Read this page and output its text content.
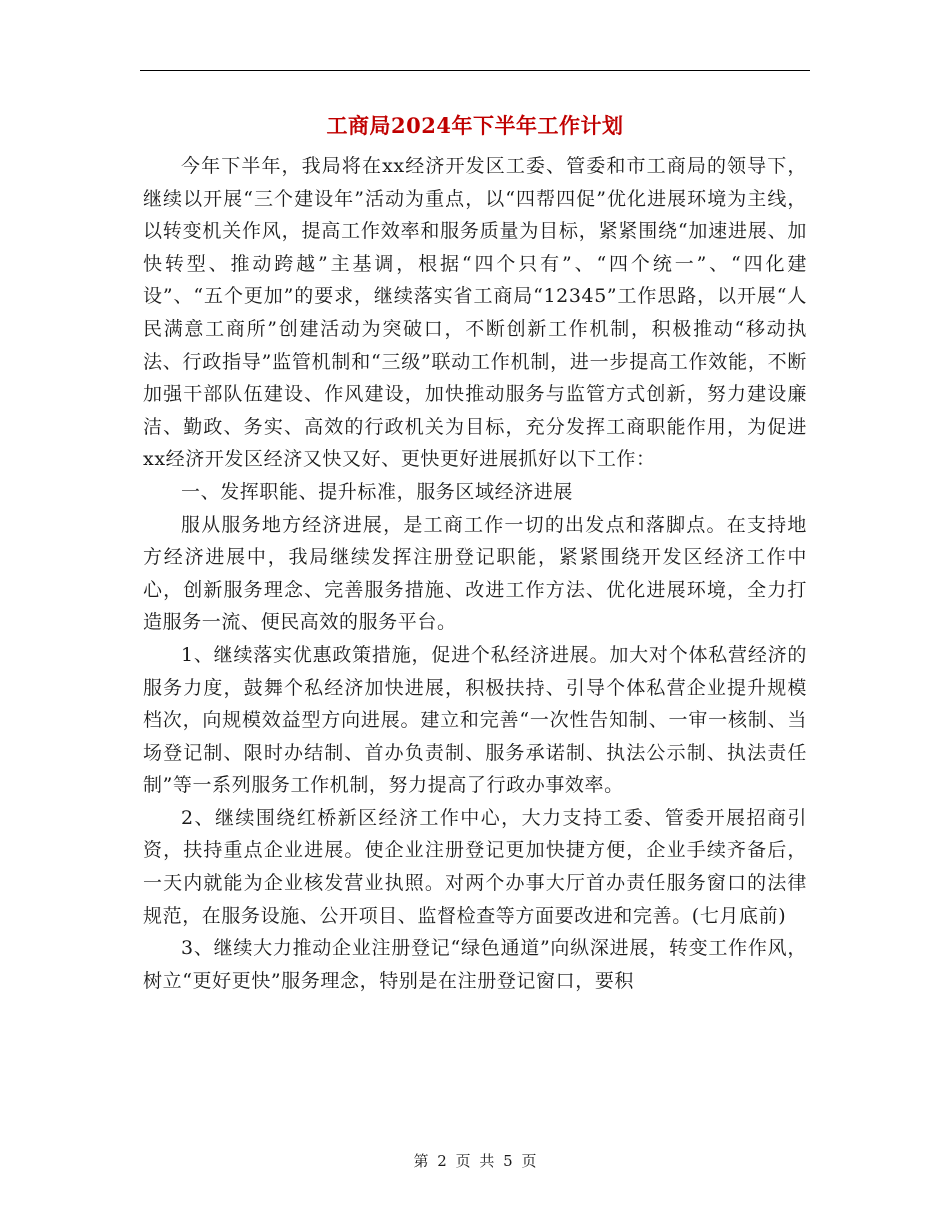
工商局2024年下半年工作计划

今年下半年，我局将在xx经济开发区工委、管委和市工商局的领导下，继续以开展“三个建设年”活动为重点，以“四帮四促”优化进展环境为主线，以转变机关作风，提高工作效率和服务质量为目标，紧紧围绕“加速进展、加快转型、推动跨越”主基调，根据“四个只有”、“四个统一”、“四化建设”、“五个更加”的要求，继续落实省工商局“12345”工作思路，以开展“人民满意工商所”创建活动为突破口，不断创新工作机制，积极推动“移动执法、行政指导”监管机制和“三级”联动工作机制，进一步提高工作效能，不断加强干部队伍建设、作风建设，加快推动服务与监管方式创新，努力建设廉洁、勤政、务实、高效的行政机关为目标，充分发挥工商职能作用，为促进xx经济开发区经济又快又好、更快更好进展抓好以下工作：

一、发挥职能、提升标准，服务区域经济进展

服从服务地方经济进展，是工商工作一切的出发点和落脚点。在支持地方经济进展中，我局继续发挥注册登记职能，紧紧围绕开发区经济工作中心，创新服务理念、完善服务措施、改进工作方法、优化进展环境，全力打造服务一流、便民高效的服务平台。

1、继续落实优惠政策措施，促进个私经济进展。加大对个体私营经济的服务力度，鼓舞个私经济加快进展，积极扶持、引导个体私营企业提升规模档次，向规模效益型方向进展。建立和完善“一次性告知制、一审一核制、当场登记制、限时办结制、首办负责制、服务承诺制、执法公示制、执法责任制”等一系列服务工作机制，努力提高了行政办事效率。

2、继续围绕红桥新区经济工作中心，大力支持工委、管委开展招商引资，扶持重点企业进展。使企业注册登记更加快捷方便，企业手续齐备后，一天内就能为企业核发营业执照。对两个办事大厅首办责任服务窗口的法律规范，在服务设施、公开项目、监督检查等方面要改进和完善。(七月底前)

3、继续大力推动企业注册登记“绿色通道”向纵深进展，转变工作作风，树立“更好更快”服务理念，特别是在注册登记窗口，要积

第 2 页 共 5 页
